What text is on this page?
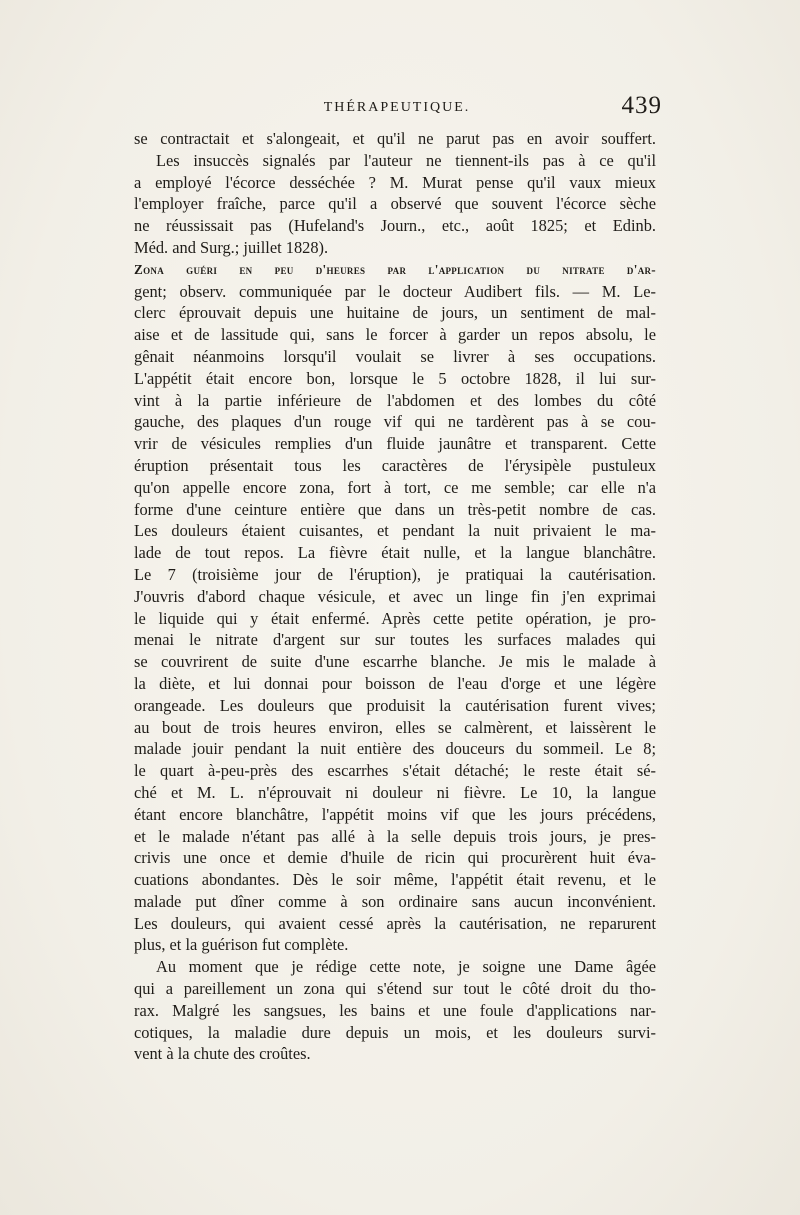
THÉRAPEUTIQUE.	439

se contractait et s'alongeait, et qu'il ne parut pas en avoir souffert.

Les insuccès signalés par l'auteur ne tiennent-ils pas à ce qu'il

a employé l'écorce desséchée ? M. Murat pense qu'il vaux mieux

l'employer fraîche, parce qu'il a observé que souvent l'écorce sèche

ne réussissait pas (Hufeland's Journ., etc., août 1825; et Edinb.

Méd. and Surg.; juillet 1828).

Zona guéri en peu d'heures par l'application du nitrate d'ar-

gent; observ. communiquée par le docteur Audibert fils. — M. Le-

clerc éprouvait depuis une huitaine de jours, un sentiment de mal-

aise et de lassitude qui, sans le forcer à garder un repos absolu, le

gênait néanmoins lorsqu'il voulait se livrer à ses occupations.

L'appétit était encore bon, lorsque le 5 octobre 1828, il lui sur-

vint à la partie inférieure de l'abdomen et des lombes du côté

gauche, des plaques d'un rouge vif qui ne tardèrent pas à se cou-

vrir de vésicules remplies d'un fluide jaunâtre et transparent. Cette

éruption présentait tous les caractères de l'érysipèle pustuleux

qu'on appelle encore zona, fort à tort, ce me semble; car elle n'a

forme d'une ceinture entière que dans un très-petit nombre de cas.

Les douleurs étaient cuisantes, et pendant la nuit privaient le ma-

lade de tout repos. La fièvre était nulle, et la langue blanchâtre.

Le 7 (troisième jour de l'éruption), je pratiquai la cautérisation.

J'ouvris d'abord chaque vésicule, et avec un linge fin j'en exprimai

le liquide qui y était enfermé. Après cette petite opération, je pro-

menai le nitrate d'argent sur sur toutes les surfaces malades qui

se couvrirent de suite d'une escarrhe blanche. Je mis le malade à

la diète, et lui donnai pour boisson de l'eau d'orge et une légère

orangeade. Les douleurs que produisit la cautérisation furent vives;

au bout de trois heures environ, elles se calmèrent, et laissèrent le

malade jouir pendant la nuit entière des douceurs du sommeil. Le 8;

le quart à-peu-près des escarrhes s'était détaché; le reste était sé-

ché et M. L. n'éprouvait ni douleur ni fièvre. Le 10, la langue

étant encore blanchâtre, l'appétit moins vif que les jours précédens,

et le malade n'étant pas allé à la selle depuis trois jours, je pres-

crivis une once et demie d'huile de ricin qui procurèrent huit éva-

cuations abondantes. Dès le soir même, l'appétit était revenu, et le

malade put dîner comme à son ordinaire sans aucun inconvénient.

Les douleurs, qui avaient cessé après la cautérisation, ne reparurent

plus, et la guérison fut complète.

Au moment que je rédige cette note, je soigne une Dame âgée

qui a pareillement un zona qui s'étend sur tout le côté droit du tho-

rax. Malgré les sangsues, les bains et une foule d'applications nar-

cotiques, la maladie dure depuis un mois, et les douleurs survi-

vent à la chute des croûtes.
